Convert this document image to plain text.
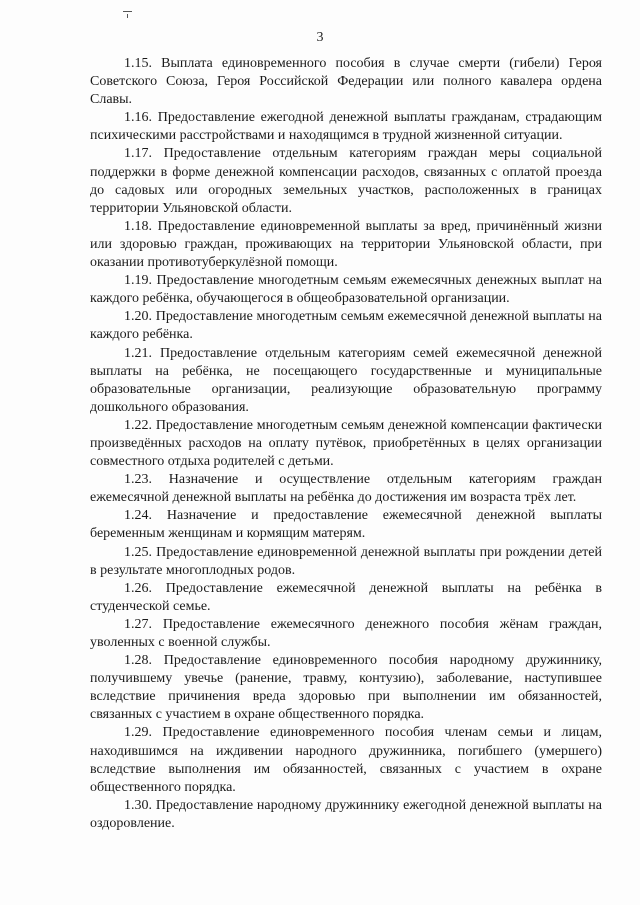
3

1.15. Выплата единовременного пособия в случае смерти (гибели) Героя Советского Союза, Героя Российской Федерации или полного кавалера ордена Славы.

1.16. Предоставление ежегодной денежной выплаты гражданам, страдающим психическими расстройствами и находящимся в трудной жизненной ситуации.

1.17. Предоставление отдельным категориям граждан меры социальной поддержки в форме денежной компенсации расходов, связанных с оплатой проезда до садовых или огородных земельных участков, расположенных в границах территории Ульяновской области.

1.18. Предоставление единовременной выплаты за вред, причинённый жизни или здоровью граждан, проживающих на территории Ульяновской области, при оказании противотуберкулёзной помощи.

1.19. Предоставление многодетным семьям ежемесячных денежных выплат на каждого ребёнка, обучающегося в общеобразовательной организации.

1.20. Предоставление многодетным семьям ежемесячной денежной выплаты на каждого ребёнка.

1.21. Предоставление отдельным категориям семей ежемесячной денежной выплаты на ребёнка, не посещающего государственные и муниципальные образовательные организации, реализующие образовательную программу дошкольного образования.

1.22. Предоставление многодетным семьям денежной компенсации фактически произведённых расходов на оплату путёвок, приобретённых в целях организации совместного отдыха родителей с детьми.

1.23. Назначение и осуществление отдельным категориям граждан ежемесячной денежной выплаты на ребёнка до достижения им возраста трёх лет.

1.24. Назначение и предоставление ежемесячной денежной выплаты беременным женщинам и кормящим матерям.

1.25. Предоставление единовременной денежной выплаты при рождении детей в результате многоплодных родов.

1.26. Предоставление ежемесячной денежной выплаты на ребёнка в студенческой семье.

1.27. Предоставление ежемесячного денежного пособия жёнам граждан, уволенных с военной службы.

1.28. Предоставление единовременного пособия народному дружиннику, получившему увечье (ранение, травму, контузию), заболевание, наступившее вследствие причинения вреда здоровью при выполнении им обязанностей, связанных с участием в охране общественного порядка.

1.29. Предоставление единовременного пособия членам семьи и лицам, находившимся на иждивении народного дружинника, погибшего (умершего) вследствие выполнения им обязанностей, связанных с участием в охране общественного порядка.

1.30. Предоставление народному дружиннику ежегодной денежной выплаты на оздоровление.
